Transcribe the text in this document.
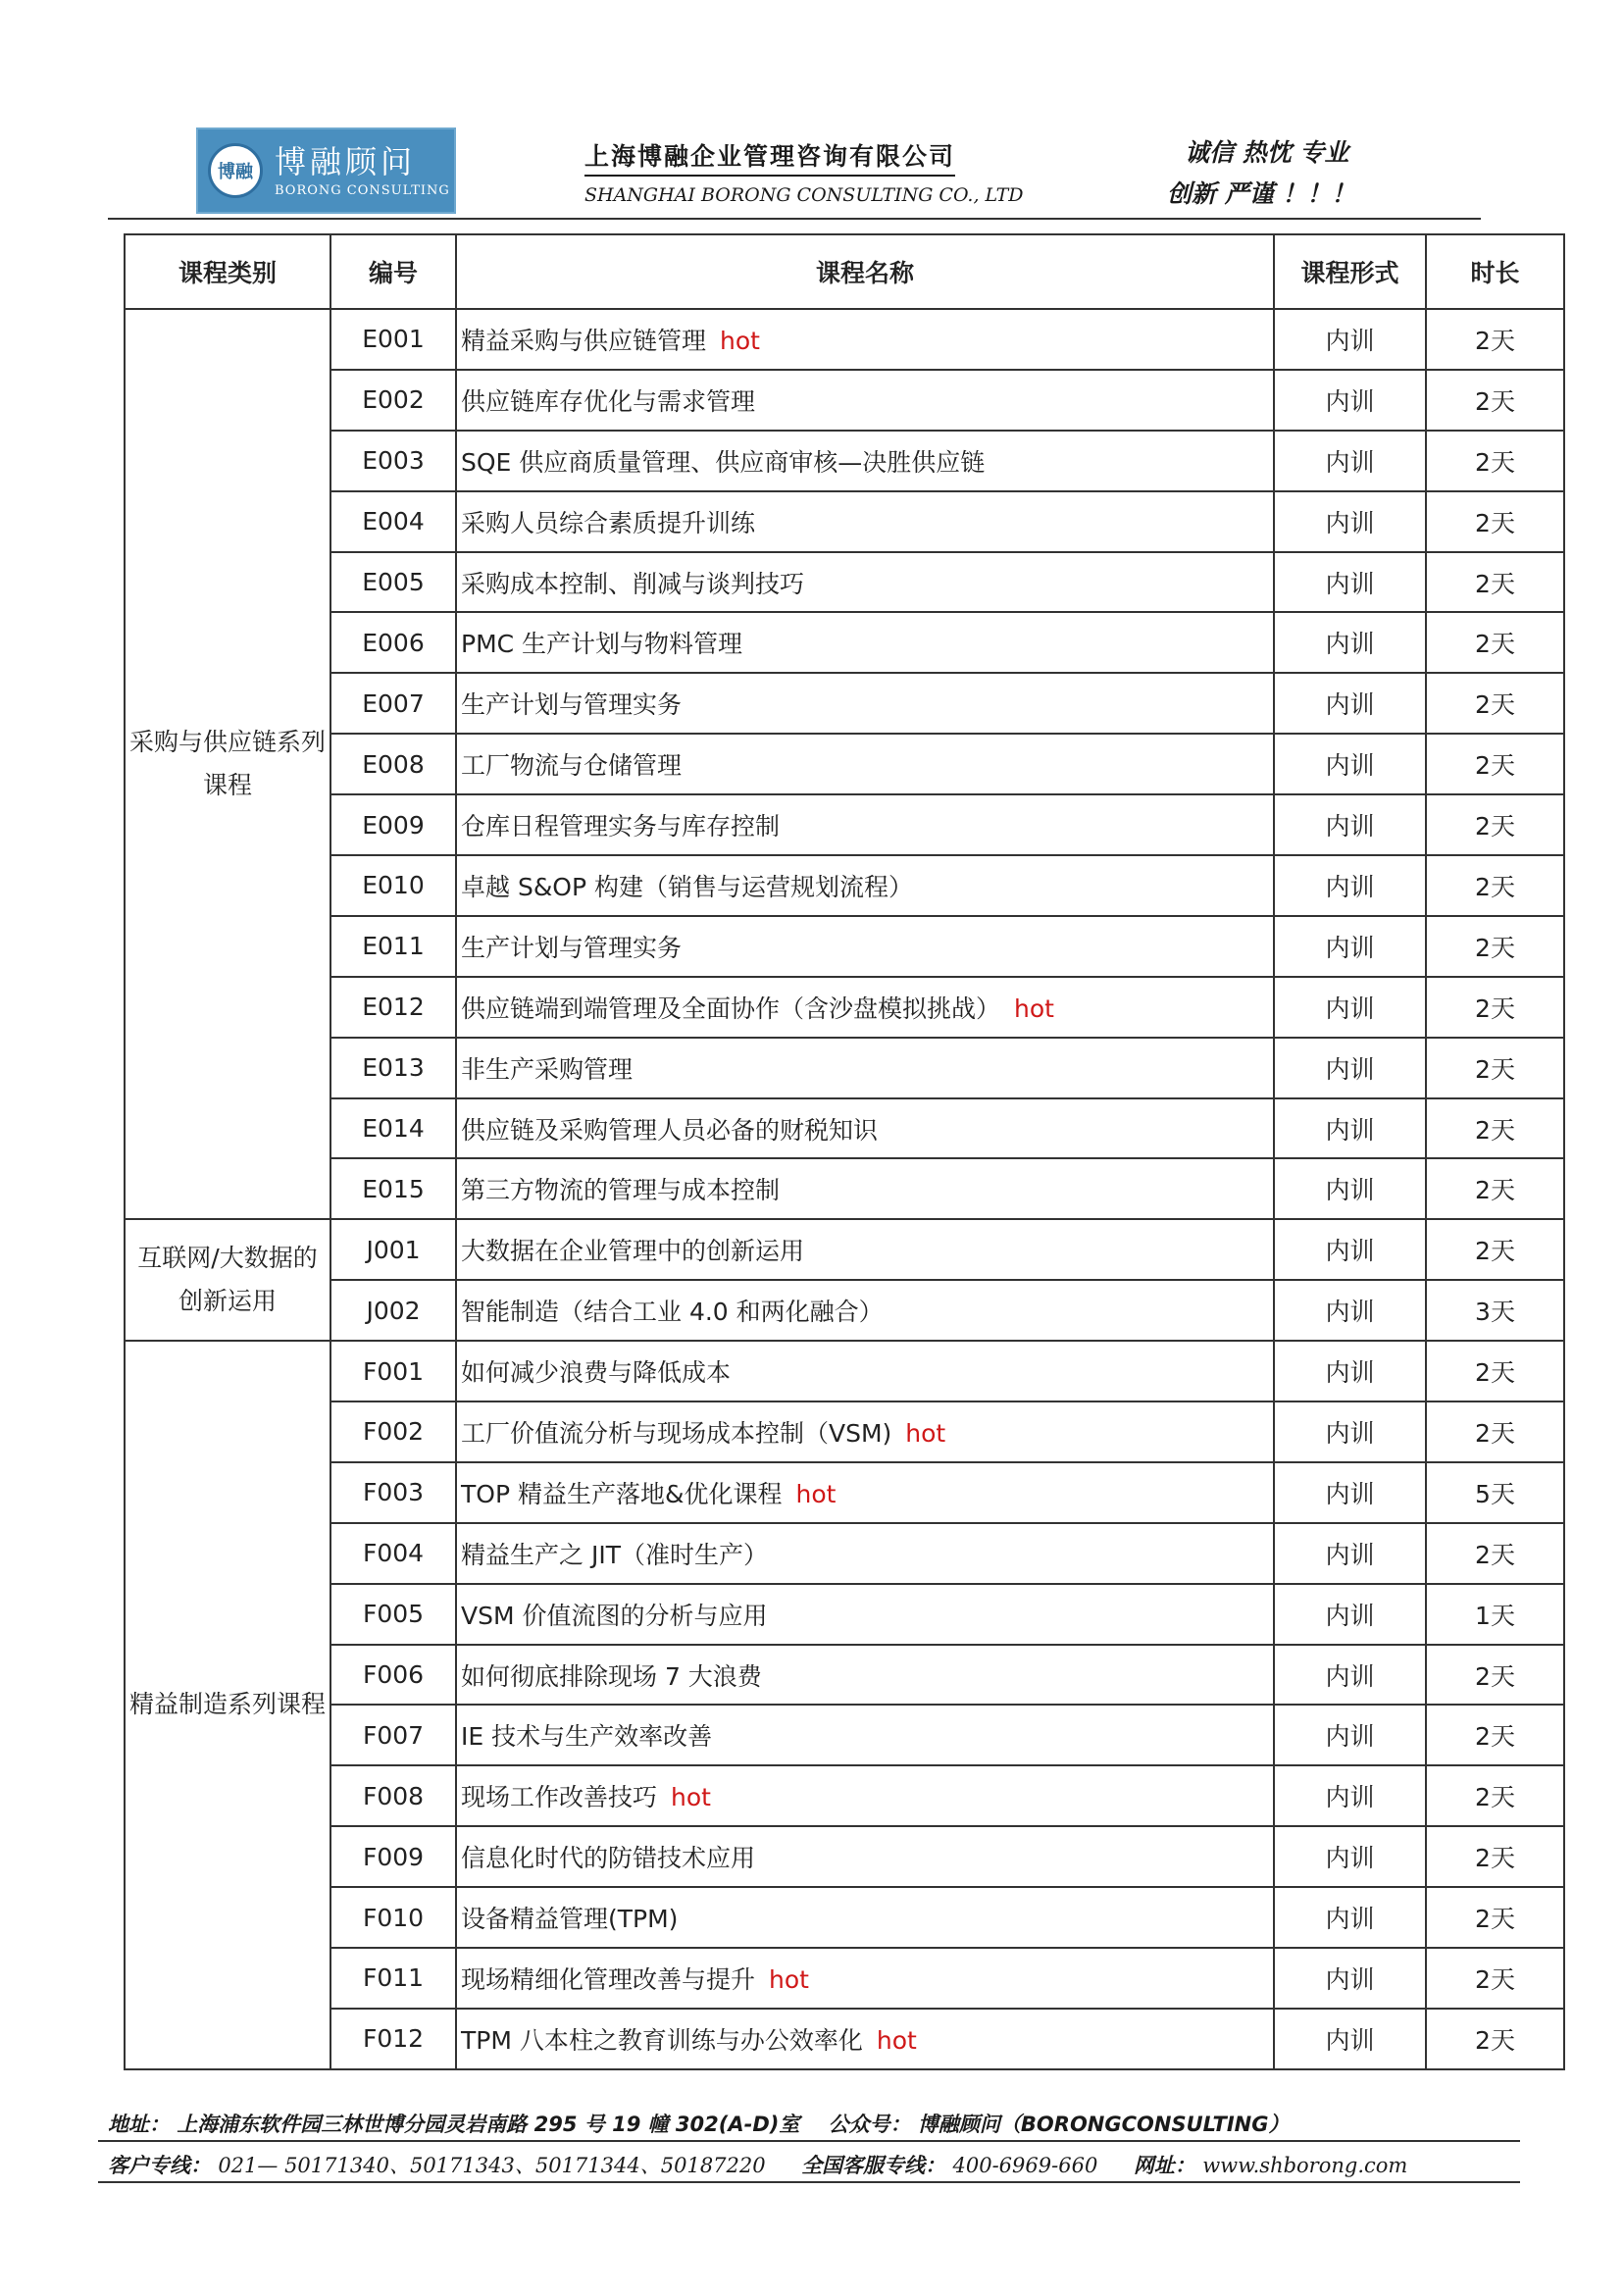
博融 博融顾问
BORONG CONSULTING
上海博融企业管理咨询有限公司
SHANGHAI BORONG CONSULTING CO., LTD
诚信 热忱 专业
创新 严谨 ！！！
课程类别	编号	课程名称	课程形式	时长
采购与供应链系列课程	E001	精益采购与供应链管理 hot	内训	2天
	E002	供应链库存优化与需求管理	内训	2天
	E003	SQE 供应商质量管理、供应商审核—决胜供应链	内训	2天
	E004	采购人员综合素质提升训练	内训	2天
	E005	采购成本控制、削减与谈判技巧	内训	2天
	E006	PMC 生产计划与物料管理	内训	2天
	E007	生产计划与管理实务	内训	2天
	E008	工厂物流与仓储管理	内训	2天
	E009	仓库日程管理实务与库存控制	内训	2天
	E010	卓越 S&OP 构建（销售与运营规划流程）	内训	2天
	E011	生产计划与管理实务	内训	2天
	E012	供应链端到端管理及全面协作（含沙盘模拟挑战） hot	内训	2天
	E013	非生产采购管理	内训	2天
	E014	供应链及采购管理人员必备的财税知识	内训	2天
	E015	第三方物流的管理与成本控制	内训	2天
互联网/大数据的创新运用	J001	大数据在企业管理中的创新运用	内训	2天
	J002	智能制造（结合工业 4.0 和两化融合）	内训	3天
精益制造系列课程	F001	如何减少浪费与降低成本	内训	2天
	F002	工厂价值流分析与现场成本控制（VSM) hot	内训	2天
	F003	TOP 精益生产落地&优化课程 hot	内训	5天
	F004	精益生产之 JIT（准时生产）	内训	2天
	F005	VSM 价值流图的分析与应用	内训	1天
	F006	如何彻底排除现场 7 大浪费	内训	2天
	F007	IE 技术与生产效率改善	内训	2天
	F008	现场工作改善技巧 hot	内训	2天
	F009	信息化时代的防错技术应用	内训	2天
	F010	设备精益管理(TPM)	内训	2天
	F011	现场精细化管理改善与提升 hot	内训	2天
	F012	TPM 八本柱之教育训练与办公效率化 hot	内训	2天
地址： 上海浦东软件园三林世博分园灵岩南路 295 号 19 幢 302(A-D)室 公众号： 博融顾问（BORONGCONSULTING）
客户专线： 021— 50171340、50171343、50171344、50187220 全国客服专线： 400-6969-660 网址： www.shborong.com
